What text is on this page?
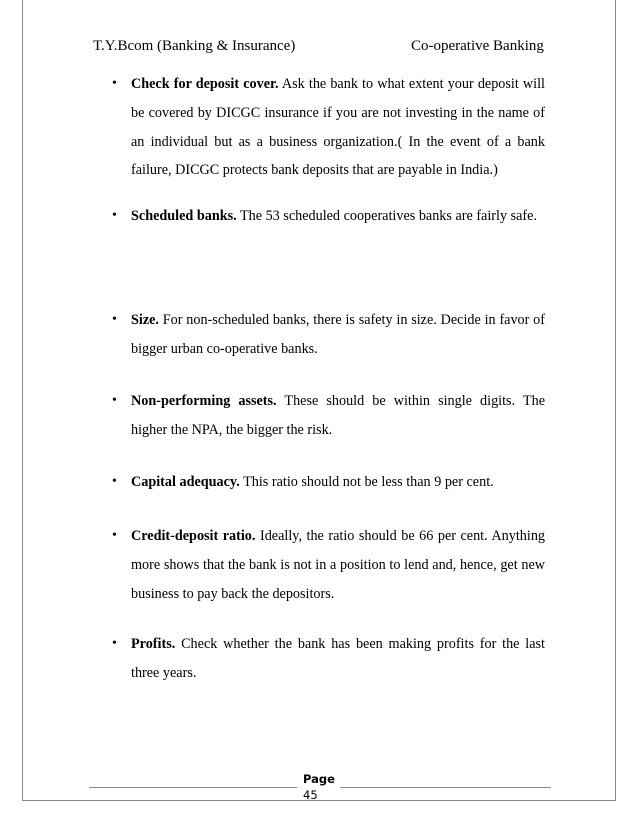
T.Y.Bcom (Banking & Insurance)	Co-operative Banking
• Check for deposit cover. Ask the bank to what extent your deposit will be covered by DICGC insurance if you are not investing in the name of an individual but as a business organization.( In the event of a bank failure, DICGC protects bank deposits that are payable in India.)
• Scheduled banks. The 53 scheduled cooperatives banks are fairly safe.
• Size. For non-scheduled banks, there is safety in size. Decide in favor of bigger urban co-operative banks.
• Non-performing assets. These should be within single digits. The higher the NPA, the bigger the risk.
• Capital adequacy. This ratio should not be less than 9 per cent.
• Credit-deposit ratio. Ideally, the ratio should be 66 per cent. Anything more shows that the bank is not in a position to lend and, hence, get new business to pay back the depositors.
• Profits. Check whether the bank has been making profits for the last three years.
Page
45
